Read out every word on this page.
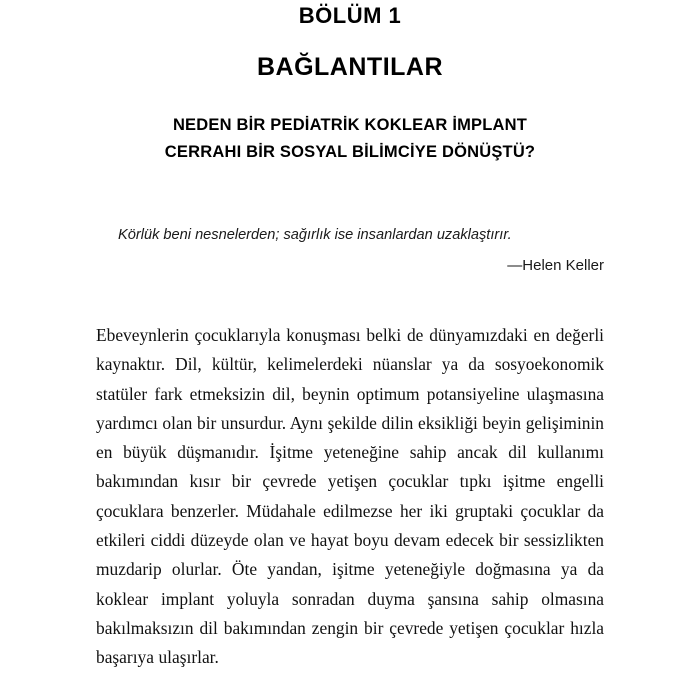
BÖLÜM 1
BAĞLANTILAR
NEDEN BİR PEDİATRİK KOKLEAR İMPLANT
CERRAHI BİR SOSYAL BİLİMCİYE DÖNÜŞTÜ?
Körlük beni nesnelerden; sağırlık ise insanlardan uzaklaştırır.
—Helen Keller

Ebeveynlerin çocuklarıyla konuşması belki de dünyamızdaki en değerli kaynaktır. Dil, kültür, kelimelerdeki nüanslar ya da sosyoekonomik statüler fark etmeksizin dil, beynin optimum potansiyeline ulaşmasına yardımcı olan bir unsurdur. Aynı şekilde dilin eksikliği beyin gelişiminin en büyük düşmanıdır. İşitme yeteneğine sahip ancak dil kullanımı bakımından kısır bir çevrede yetişen çocuklar tıpkı işitme engelli çocuklara benzerler. Müdahale edilmezse her iki gruptaki çocuklar da etkileri ciddi düzeyde olan ve hayat boyu devam edecek bir sessizlikten muzdarip olurlar. Öte yandan, işitme yeteneğiyle doğmasına ya da koklear implant yoluyla sonradan duyma şansına sahip olmasına bakılmaksızın dil bakımından zengin bir çevrede yetişen çocuklar hızla başarıya ulaşırlar.
